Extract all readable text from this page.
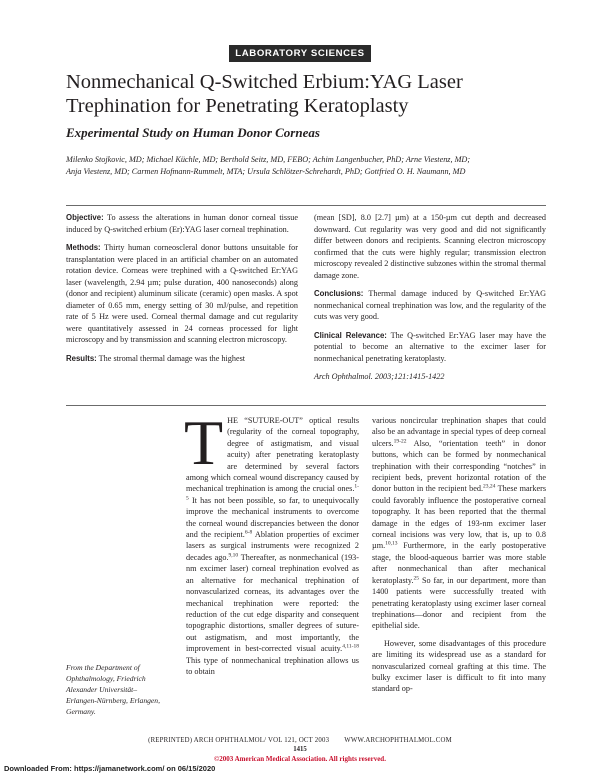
LABORATORY SCIENCES
Nonmechanical Q-Switched Erbium:YAG Laser
Trephination for Penetrating Keratoplasty
Experimental Study on Human Donor Corneas
Milenko Stojkovic, MD; Michael Küchle, MD; Berthold Seitz, MD, FEBO; Achim Langenbucher, PhD; Arne Viestenz, MD;
Anja Viestenz, MD; Carmen Hofmann-Rummelt, MTA; Ursula Schlötzer-Schrehardt, PhD; Gottfried O. H. Naumann, MD

Objective: To assess the alterations in human donor corneal tissue induced by Q-switched erbium (Er):YAG laser corneal trephination.

Methods: Thirty human corneoscleral donor buttons unsuitable for transplantation were placed in an artificial chamber on an automated rotation device. Corneas were trephined with a Q-switched Er:YAG laser (wavelength, 2.94 µm; pulse duration, 400 nanoseconds) along (donor and recipient) aluminum silicate (ceramic) open masks. A spot diameter of 0.65 mm, energy setting of 30 mJ/pulse, and repetition rate of 5 Hz were used. Corneal thermal damage and cut regularity were quantitatively assessed in 24 corneas processed for light microscopy and by transmission and scanning electron microscopy.

Results: The stromal thermal damage was the highest

(mean [SD], 8.0 [2.7] µm) at a 150-µm cut depth and decreased downward. Cut regularity was very good and did not significantly differ between donors and recipients. Scanning electron microscopy confirmed that the cuts were highly regular; transmission electron microscopy revealed 2 distinctive subzones within the stromal thermal damage zone.

Conclusions: Thermal damage induced by Q-switched Er:YAG nonmechanical corneal trephination was low, and the regularity of the cuts was very good.

Clinical Relevance: The Q-switched Er:YAG laser may have the potential to become an alternative to the excimer laser for nonmechanical penetrating keratoplasty.

Arch Ophthalmol. 2003;121:1415-1422

THE “SUTURE-OUT” optical results (regularity of the corneal topography, degree of astigmatism, and visual acuity) after penetrating keratoplasty are determined by several factors among which corneal wound discrepancy caused by mechanical trephination is among the crucial ones.$^{1-5}$ It has not been possible, so far, to unequivocally improve the mechanical instruments to overcome the corneal wound discrepancies between the donor and the recipient.$^{6-8}$ Ablation properties of excimer lasers as surgical instruments were recognized 2 decades ago.$^{9,10}$ Thereafter, as nonmechanical (193-nm excimer laser) corneal trephination evolved as an alternative for mechanical trephination of nonvascularized corneas, its advantages over the mechanical trephination were reported: the reduction of the cut edge disparity and consequent topographic distortions, smaller degrees of suture-out astigmatism, and most importantly, the improvement in best-corrected visual acuity.$^{4,11-18}$ This type of nonmechanical trephination allows us to obtain

various noncircular trephination shapes that could also be an advantage in special types of deep corneal ulcers.$^{19-22}$ Also, “orientation teeth” in donor buttons, which can be formed by nonmechanical trephination with their corresponding “notches” in recipient beds, prevent horizontal rotation of the donor button in the recipient bed.$^{23,24}$ These markers could favorably influence the postoperative corneal topography. It has been reported that the thermal damage in the edges of 193-nm excimer laser corneal incisions was very low, that is, up to 0.8 µm.$^{10,13}$ Furthermore, in the early postoperative stage, the blood-aqueous barrier was more stable after nonmechanical than after mechanical keratoplasty.$^{25}$ So far, in our department, more than 1400 patients were successfully treated with penetrating keratoplasty using excimer laser corneal trephinations—donor and recipient from the epithelial side.

However, some disadvantages of this procedure are limiting its widespread use as a standard for nonvascularized corneal grafting at this time. The bulky excimer laser is difficult to fit into many standard op-

From the Department of Ophthalmology, Friedrich Alexander Universität–Erlangen-Nürnberg, Erlangen, Germany.
(REPRINTED) ARCH OPHTHALMOL/ VOL 121, OCT 2003        WWW.ARCHOPHTHALMOL.COM
1415
©2003 American Medical Association. All rights reserved.
Downloaded From: https://jamanetwork.com/ on 06/15/2020
